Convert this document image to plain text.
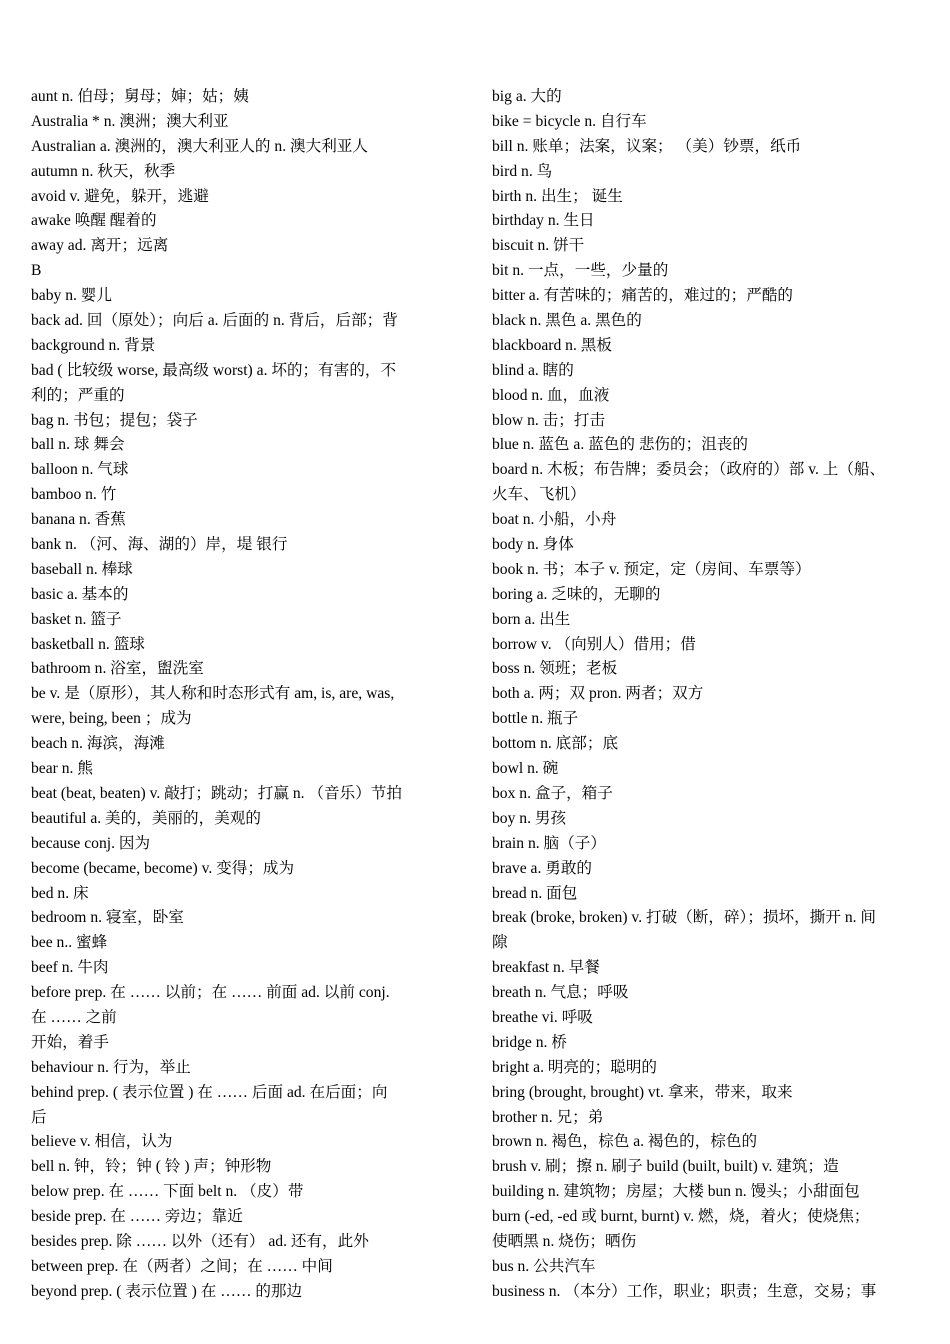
aunt n. 伯母；舅母；婶；姑；姨
Australia * n. 澳洲；澳大利亚
Australian a. 澳洲的，澳大利亚人的 n. 澳大利亚人
autumn n. 秋天，秋季
avoid v. 避免，躲开，逃避
awake 唤醒 醒着的
away ad. 离开；远离
B
baby n. 婴儿
back ad. 回（原处）；向后 a. 后面的 n. 背后，后部；背
background n. 背景
bad ( 比较级 worse, 最高级 worst) a. 坏的；有害的，不
利的；严重的
bag n. 书包；提包；袋子
ball n. 球 舞会
balloon n. 气球
bamboo n. 竹
banana n. 香蕉
bank n. （河、海、湖的）岸，堤 银行
baseball n. 棒球
basic a. 基本的
basket n. 篮子
basketball n. 篮球
bathroom n. 浴室，盥洗室
be v. 是（原形），其人称和时态形式有 am, is, are, was,
were, being, been ；成为
beach n. 海滨，海滩
bear n. 熊
beat (beat, beaten) v. 敲打；跳动；打赢 n. （音乐）节拍
beautiful a. 美的，美丽的，美观的
because conj. 因为
become (became, become) v. 变得；成为
bed n. 床
bedroom n. 寝室，卧室
bee n.. 蜜蜂
beef n. 牛肉
before prep. 在 …… 以前；在 …… 前面 ad. 以前 conj.
在 …… 之前
开始，着手
behaviour n. 行为，举止
behind prep. ( 表示位置 ) 在 …… 后面 ad. 在后面；向
后
believe v. 相信，认为
bell n. 钟，铃；钟 ( 铃 ) 声；钟形物
below prep. 在 …… 下面 belt n. （皮）带
beside prep. 在 …… 旁边；靠近
besides prep. 除 …… 以外（还有） ad. 还有，此外
between prep. 在（两者）之间；在 …… 中间
beyond prep. ( 表示位置 ) 在 …… 的那边
big a. 大的
bike = bicycle n. 自行车
bill n. 账单；法案，议案； （美）钞票，纸币
bird n. 鸟
birth n. 出生； 诞生
birthday n. 生日
biscuit n. 饼干
bit n. 一点，一些，少量的
bitter a. 有苦味的；痛苦的，难过的；严酷的
black n. 黑色 a. 黑色的
blackboard n. 黑板
blind a. 瞎的
blood n. 血，血液
blow n. 击；打击
blue n. 蓝色 a. 蓝色的 悲伤的；沮丧的
board n. 木板；布告牌；委员会；（政府的）部 v. 上（船、
火车、飞机）
boat n. 小船，小舟
body n. 身体
book n. 书；本子 v. 预定，定（房间、车票等）
boring a. 乏味的，无聊的
born a. 出生
borrow v. （向别人）借用；借
boss n. 领班；老板
both a. 两；双 pron. 两者；双方
bottle n. 瓶子
bottom n. 底部；底
bowl n. 碗
box n. 盒子，箱子
boy n. 男孩
brain n. 脑（子）
brave a. 勇敢的
bread n. 面包
break (broke, broken) v. 打破（断，碎）；损坏，撕开 n. 间
隙
breakfast n. 早餐
breath n. 气息；呼吸
breathe vi. 呼吸
bridge n. 桥
bright a. 明亮的；聪明的
bring (brought, brought) vt. 拿来，带来，取来
brother n. 兄；弟
brown n. 褐色，棕色 a. 褐色的，棕色的
brush v. 刷；擦 n. 刷子 build (built, built) v. 建筑；造
building n. 建筑物；房屋；大楼 bun n. 馒头；小甜面包
burn (-ed, -ed 或 burnt, burnt) v. 燃，烧，着火；使烧焦；
使晒黑 n. 烧伤；晒伤
bus n. 公共汽车
business n. （本分）工作，职业；职责；生意，交易；事
